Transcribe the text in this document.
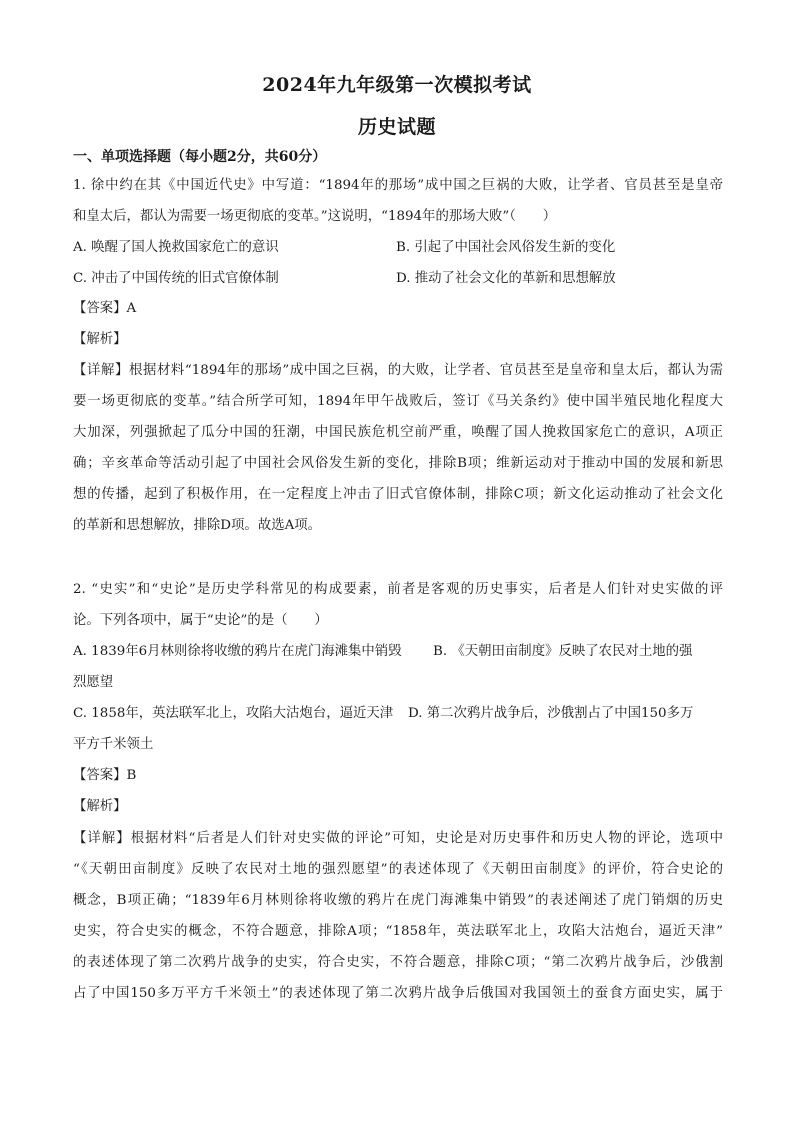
2024年九年级第一次模拟考试
历史试题
一、单项选择题（每小题2分，共60分）
1. 徐中约在其《中国近代史》中写道：“1894年的那场”成中国之巨祸的大败，让学者、官员甚至是皇帝
和皇太后，都认为需要一场更彻底的变革。”这说明，“1894年的那场大败”（　　）
A. 唤醒了国人挽救国家危亡的意识	B. 引起了中国社会风俗发生新的变化
C. 冲击了中国传统的旧式官僚体制	D. 推动了社会文化的革新和思想解放
【答案】A
【解析】
【详解】根据材料“1894年的那场”成中国之巨祸，的大败，让学者、官员甚至是皇帝和皇太后，都认为需
要一场更彻底的变革。”结合所学可知，1894年甲午战败后，签订《马关条约》使中国半殖民地化程度大
大加深，列强掀起了瓜分中国的狂潮，中国民族危机空前严重，唤醒了国人挽救国家危亡的意识，A项正
确；辛亥革命等活动引起了中国社会风俗发生新的变化，排除B项；维新运动对于推动中国的发展和新思
想的传播，起到了积极作用，在一定程度上冲击了旧式官僚体制，排除C项；新文化运动推动了社会文化
的革新和思想解放，排除D项。故选A项。
2. “史实”和“史论”是历史学科常见的构成要素，前者是客观的历史事实，后者是人们针对史实做的评
论。下列各项中，属于“史论”的是（　　）
A. 1839年6月林则徐将收缴的鸦片在虎门海滩集中销毁 B. 《天朝田亩制度》反映了农民对土地的强
烈愿望
C. 1858年，英法联军北上，攻陷大沽炮台，逼近天津 D. 第二次鸦片战争后，沙俄割占了中国150多万
平方千米领土
【答案】B
【解析】
【详解】根据材料“后者是人们针对史实做的评论”可知，史论是对历史事件和历史人物的评论，选项中
“《天朝田亩制度》反映了农民对土地的强烈愿望”的表述体现了《天朝田亩制度》的评价，符合史论的
概念，B项正确；“1839年6月林则徐将收缴的鸦片在虎门海滩集中销毁”的表述阐述了虎门销烟的历史
史实，符合史实的概念，不符合题意，排除A项；“1858年，英法联军北上，攻陷大沽炮台，逼近天津”
的表述体现了第二次鸦片战争的史实，符合史实，不符合题意，排除C项；“第二次鸦片战争后，沙俄割
占了中国150多万平方千米领土”的表述体现了第二次鸦片战争后俄国对我国领土的蚕食方面史实，属于
